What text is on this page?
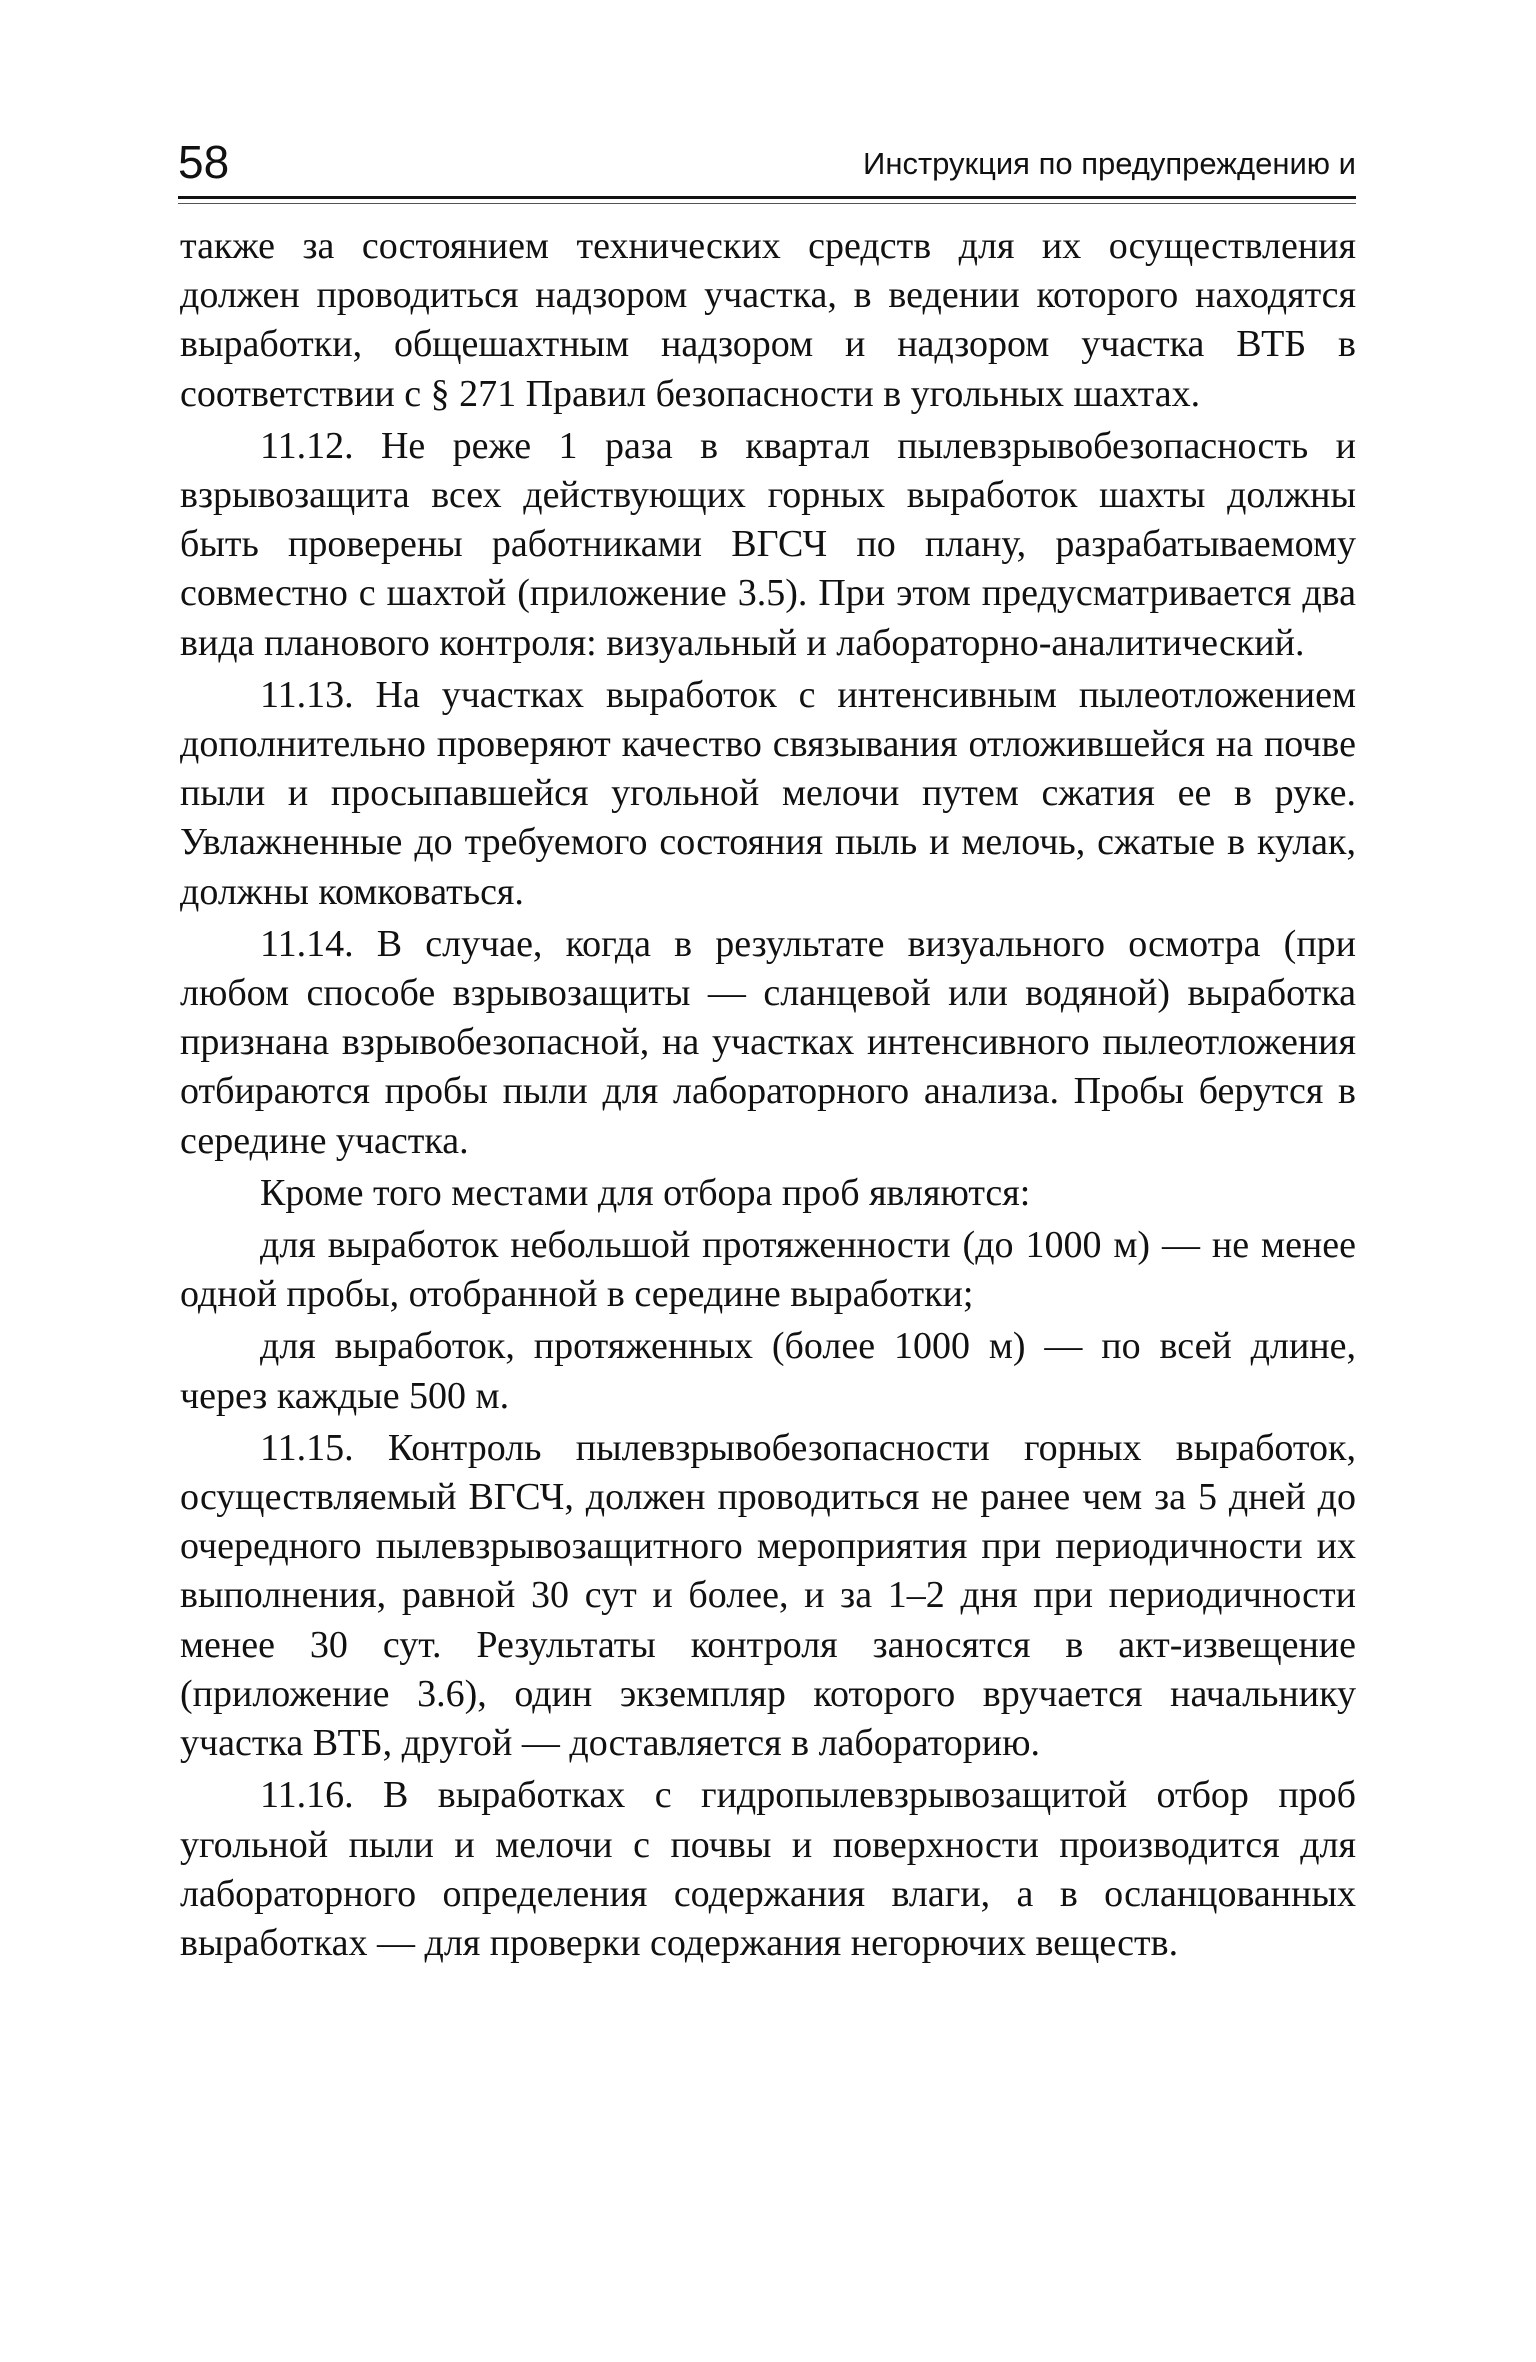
58	Инструкция по предупреждению и

также за состоянием технических средств для их осуществления должен проводиться надзором участка, в ведении которого находятся выработки, общешахтным надзором и надзором участка ВТБ в соответствии с § 271 Правил безопасности в угольных шахтах.

11.12. Не реже 1 раза в квартал пылевзрывобезопасность и взрывозащита всех действующих горных выработок шахты должны быть проверены работниками ВГСЧ по плану, разрабатываемому совместно с шахтой (приложение 3.5). При этом предусматривается два вида планового контроля: визуальный и лабораторно-аналитический.

11.13. На участках выработок с интенсивным пылеотложением дополнительно проверяют качество связывания отложившейся на почве пыли и просыпавшейся угольной мелочи путем сжатия ее в руке. Увлажненные до требуемого состояния пыль и мелочь, сжатые в кулак, должны комковаться.

11.14. В случае, когда в результате визуального осмотра (при любом способе взрывозащиты — сланцевой или водяной) выработка признана взрывобезопасной, на участках интенсивного пылеотложения отбираются пробы пыли для лабораторного анализа. Пробы берутся в середине участка.

Кроме того местами для отбора проб являются:

для выработок небольшой протяженности (до 1000 м) — не менее одной пробы, отобранной в середине выработки;

для выработок, протяженных (более 1000 м) — по всей длине, через каждые 500 м.

11.15. Контроль пылевзрывобезопасности горных выработок, осуществляемый ВГСЧ, должен проводиться не ранее чем за 5 дней до очередного пылевзрывозащитного мероприятия при периодичности их выполнения, равной 30 сут и более, и за 1–2 дня при периодичности менее 30 сут. Результаты контроля заносятся в акт-извещение (приложение 3.6), один экземпляр которого вручается начальнику участка ВТБ, другой — доставляется в лабораторию.

11.16. В выработках с гидропылевзрывозащитой отбор проб угольной пыли и мелочи с почвы и поверхности производится для лабораторного определения содержания влаги, а в осланцованных выработках — для проверки содержания негорючих веществ.
